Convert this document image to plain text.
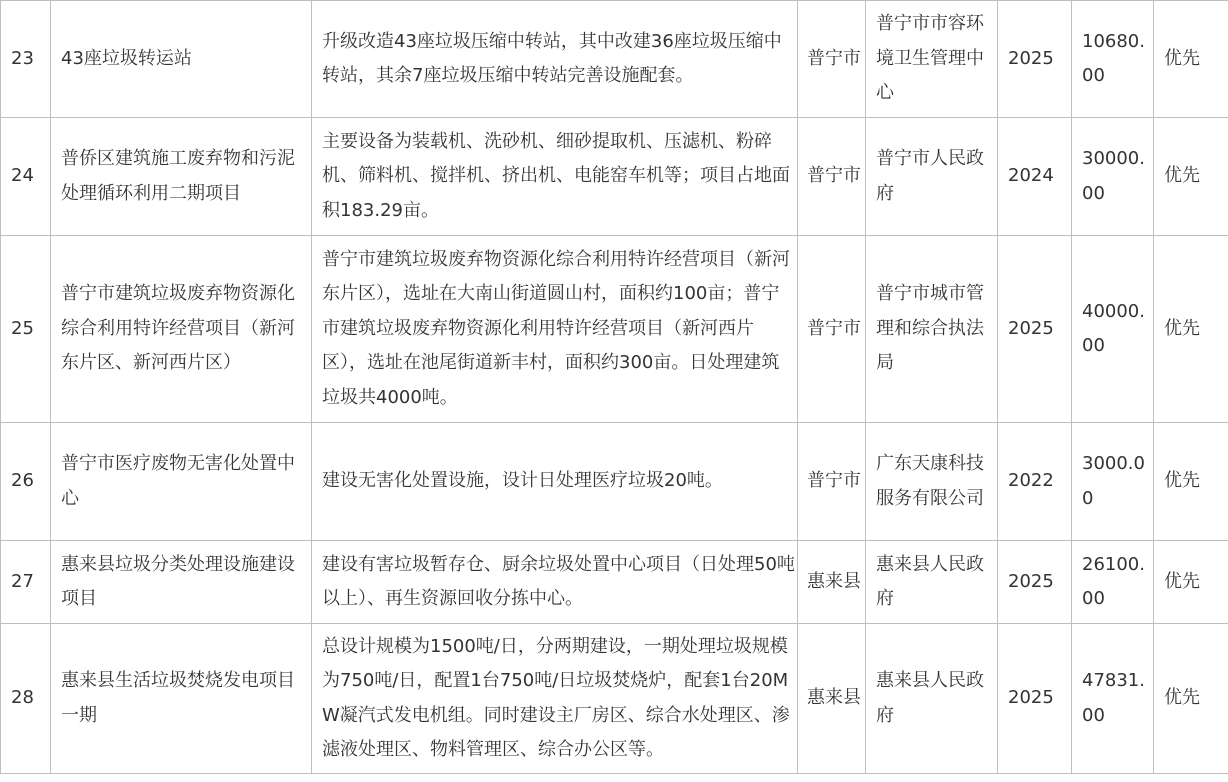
23	43座垃圾转运站	升级改造43座垃圾压缩中转站，其中改建36座垃圾压缩中转站，其余7座垃圾压缩中转站完善设施配套。	普宁市	普宁市市容环境卫生管理中心	2025	10680.00	优先
24	普侨区建筑施工废弃物和污泥处理循环利用二期项目	主要设备为装载机、洗砂机、细砂提取机、压滤机、粉碎机、筛料机、搅拌机、挤出机、电能窑车机等；项目占地面积183.29亩。	普宁市	普宁市人民政府	2024	30000.00	优先
25	普宁市建筑垃圾废弃物资源化综合利用特许经营项目（新河东片区、新河西片区）	普宁市建筑垃圾废弃物资源化综合利用特许经营项目（新河东片区），选址在大南山街道圆山村，面积约100亩；普宁市建筑垃圾废弃物资源化利用特许经营项目（新河西片区），选址在池尾街道新丰村，面积约300亩。日处理建筑垃圾共4000吨。	普宁市	普宁市城市管理和综合执法局	2025	40000.00	优先
26	普宁市医疗废物无害化处置中心	建设无害化处置设施，设计日处理医疗垃圾20吨。	普宁市	广东天康科技服务有限公司	2022	3000.00	优先
27	惠来县垃圾分类处理设施建设项目	建设有害垃圾暂存仓、厨余垃圾处置中心项目（日处理50吨以上）、再生资源回收分拣中心。	惠来县	惠来县人民政府	2025	26100.00	优先
28	惠来县生活垃圾焚烧发电项目一期	总设计规模为1500吨/日，分两期建设，一期处理垃圾规模为750吨/日，配置1台750吨/日垃圾焚烧炉，配套1台20MW凝汽式发电机组。同时建设主厂房区、综合水处理区、渗滤液处理区、物料管理区、综合办公区等。	惠来县	惠来县人民政府	2025	47831.00	优先
